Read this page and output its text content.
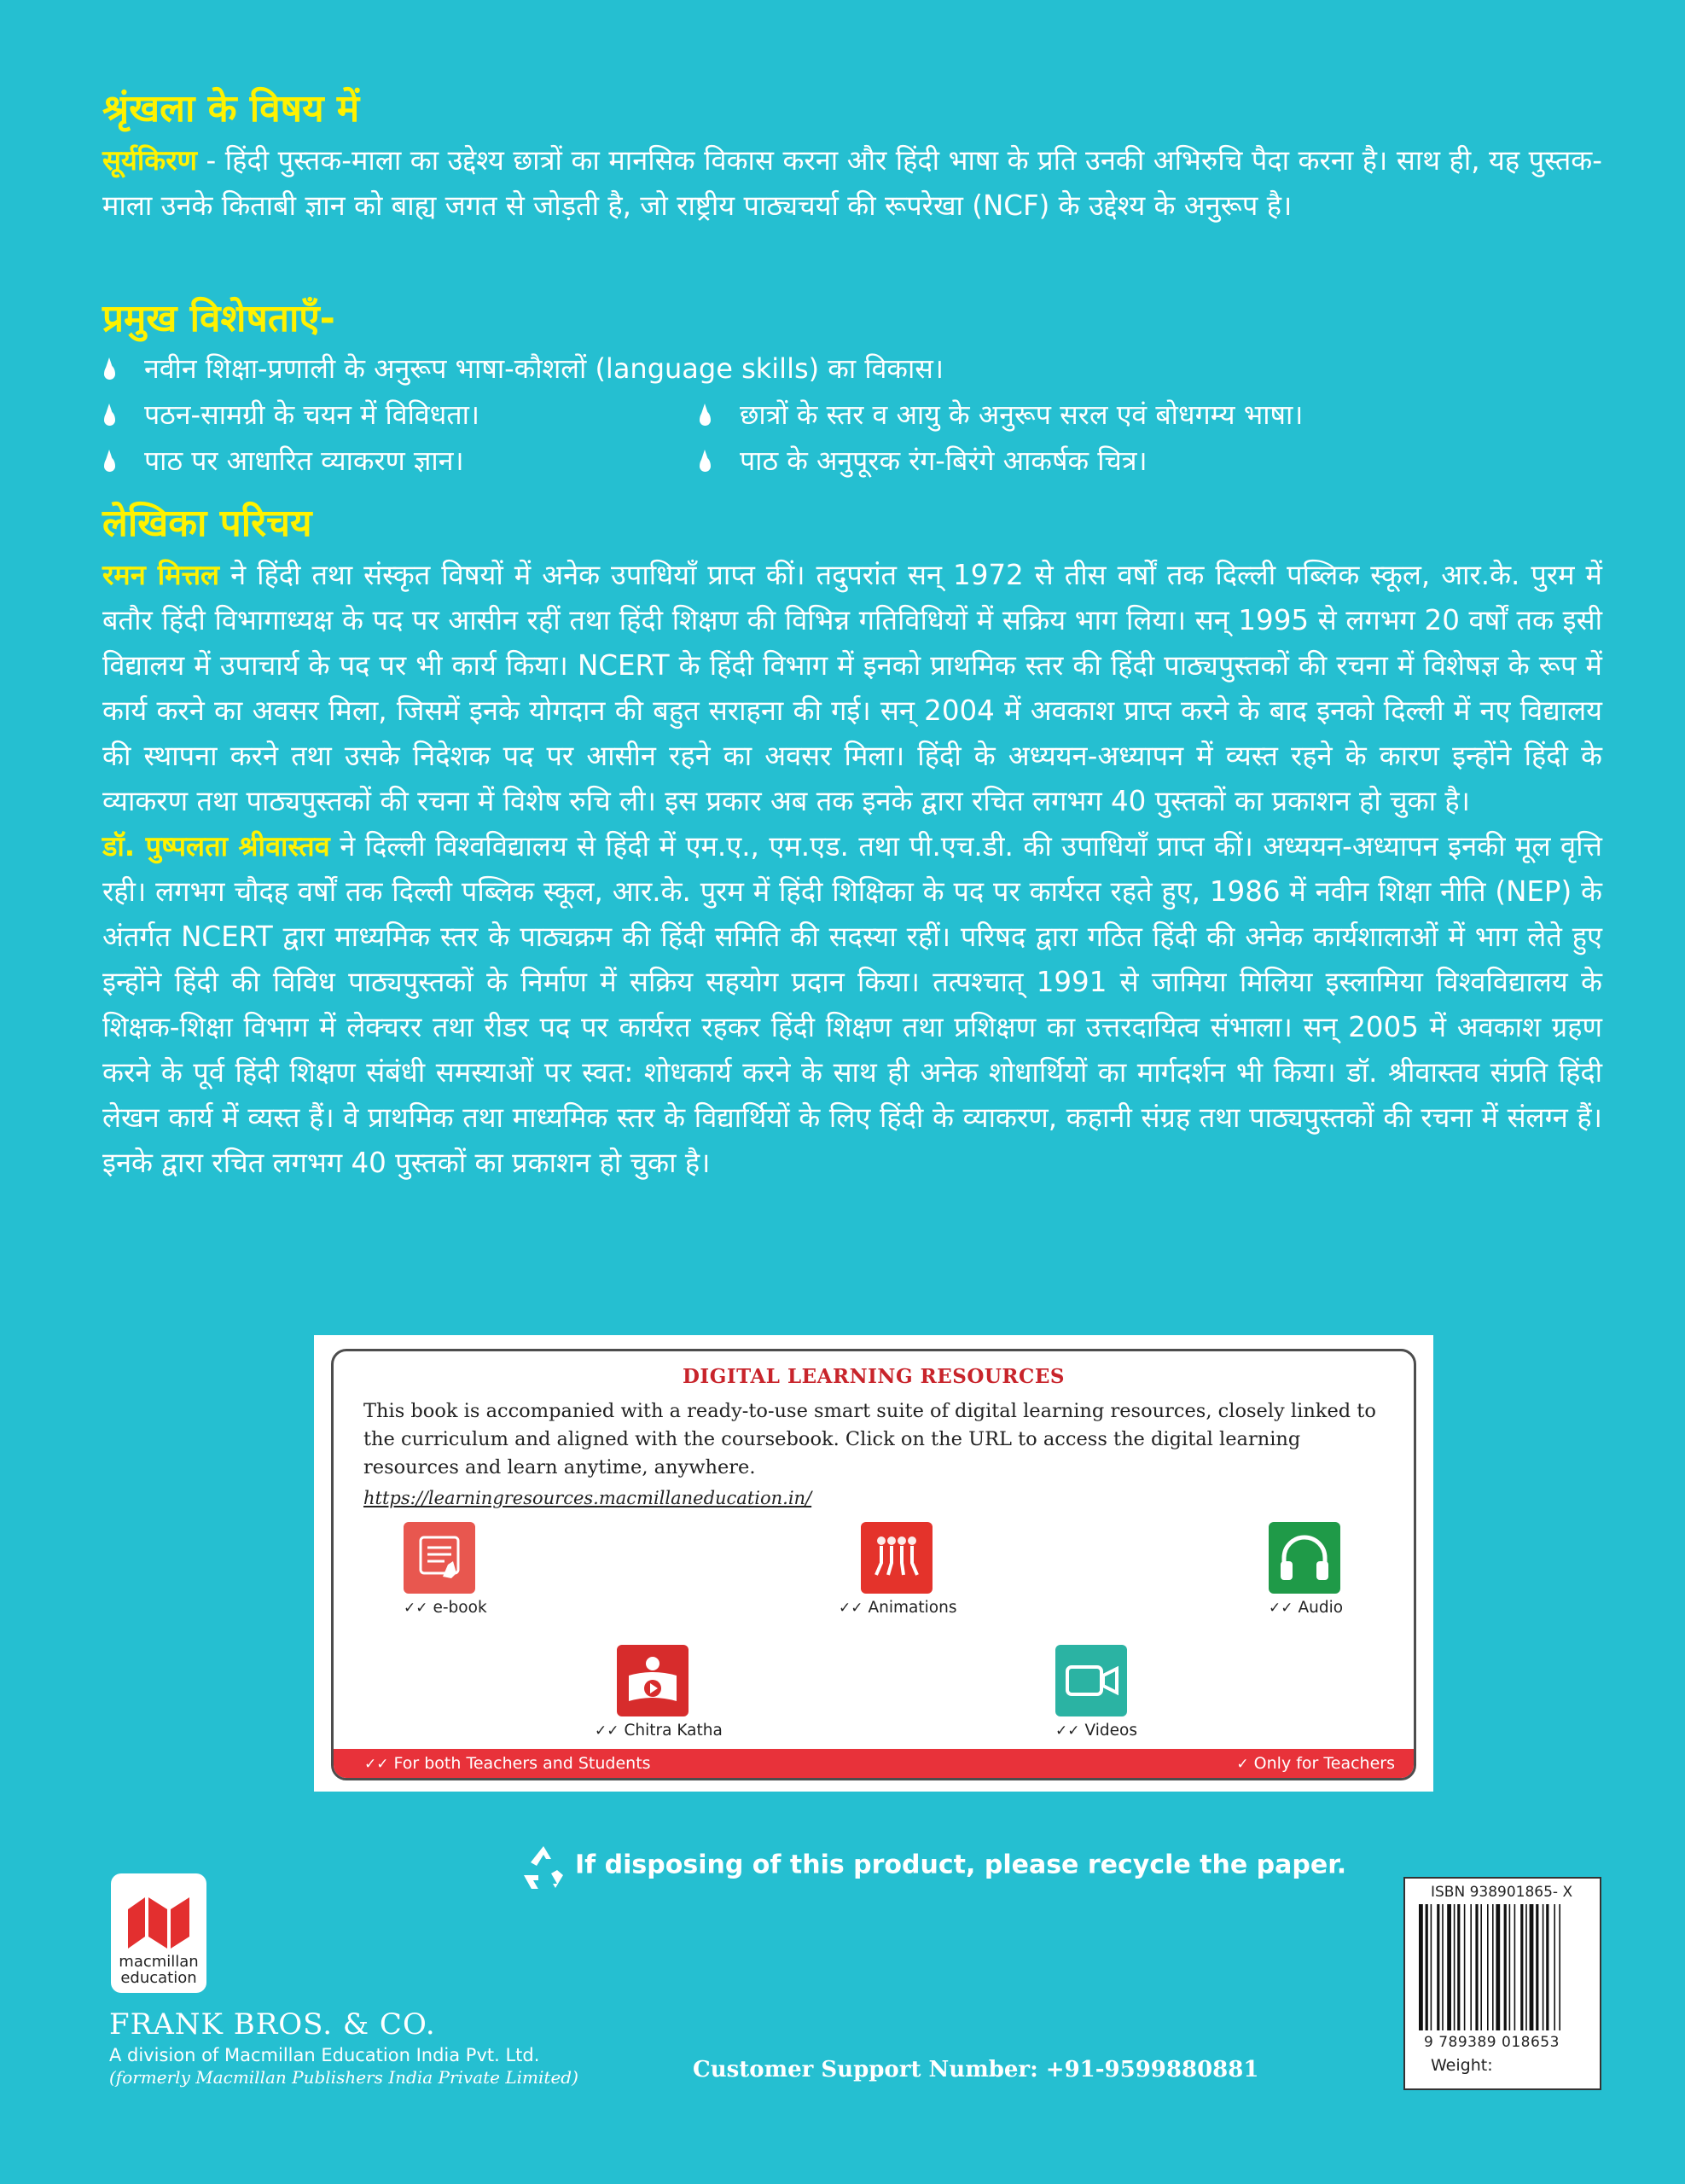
श्रृंखला के विषय में

सूर्यकिरण - हिंदी पुस्तक-माला का उद्देश्य छात्रों का मानसिक विकास करना और हिंदी भाषा के प्रति उनकी अभिरुचि पैदा करना है। साथ ही, यह पुस्तक-माला उनके किताबी ज्ञान को बाह्य जगत से जोड़ती है, जो राष्ट्रीय पाठ्यचर्या की रूपरेखा (NCF) के उद्देश्य के अनुरूप है।

प्रमुख विशेषताएँ-
नवीन शिक्षा-प्रणाली के अनुरूप भाषा-कौशलों (language skills) का विकास।
पठन-सामग्री के चयन में विविधता।	छात्रों के स्तर व आयु के अनुरूप सरल एवं बोधगम्य भाषा।
पाठ पर आधारित व्याकरण ज्ञान।	पाठ के अनुपूरक रंग-बिरंगे आकर्षक चित्र।
लेखिका परिचय

रमन मित्तल ने हिंदी तथा संस्कृत विषयों में अनेक उपाधियाँ प्राप्त कीं। तदुपरांत सन् 1972 से तीस वर्षों तक दिल्ली पब्लिक स्कूल, आर.के. पुरम में बतौर हिंदी विभागाध्यक्ष के पद पर आसीन रहीं तथा हिंदी शिक्षण की विभिन्न गतिविधियों में सक्रिय भाग लिया। सन् 1995 से लगभग 20 वर्षों तक इसी विद्यालय में उपाचार्य के पद पर भी कार्य किया। NCERT के हिंदी विभाग में इनको प्राथमिक स्तर की हिंदी पाठ्यपुस्तकों की रचना में विशेषज्ञ के रूप में कार्य करने का अवसर मिला, जिसमें इनके योगदान की बहुत सराहना की गई। सन् 2004 में अवकाश प्राप्त करने के बाद इनको दिल्ली में नए विद्यालय की स्थापना करने तथा उसके निदेशक पद पर आसीन रहने का अवसर मिला। हिंदी के अध्ययन-अध्यापन में व्यस्त रहने के कारण इन्होंने हिंदी के व्याकरण तथा पाठ्यपुस्तकों की रचना में विशेष रुचि ली। इस प्रकार अब तक इनके द्वारा रचित लगभग 40 पुस्तकों का प्रकाशन हो चुका है।

डॉ. पुष्पलता श्रीवास्तव ने दिल्ली विश्वविद्यालय से हिंदी में एम.ए., एम.एड. तथा पी.एच.डी. की उपाधियाँ प्राप्त कीं। अध्ययन-अध्यापन इनकी मूल वृत्ति रही। लगभग चौदह वर्षों तक दिल्ली पब्लिक स्कूल, आर.के. पुरम में हिंदी शिक्षिका के पद पर कार्यरत रहते हुए, 1986 में नवीन शिक्षा नीति (NEP) के अंतर्गत NCERT द्वारा माध्यमिक स्तर के पाठ्यक्रम की हिंदी समिति की सदस्या रहीं। परिषद द्वारा गठित हिंदी की अनेक कार्यशालाओं में भाग लेते हुए इन्होंने हिंदी की विविध पाठ्यपुस्तकों के निर्माण में सक्रिय सहयोग प्रदान किया। तत्पश्चात् 1991 से जामिया मिलिया इस्लामिया विश्वविद्यालय के शिक्षक-शिक्षा विभाग में लेक्चरर तथा रीडर पद पर कार्यरत रहकर हिंदी शिक्षण तथा प्रशिक्षण का उत्तरदायित्व संभाला। सन् 2005 में अवकाश ग्रहण करने के पूर्व हिंदी शिक्षण संबंधी समस्याओं पर स्वत: शोधकार्य करने के साथ ही अनेक शोधार्थियों का मार्गदर्शन भी किया। डॉ. श्रीवास्तव संप्रति हिंदी लेखन कार्य में व्यस्त हैं। वे प्राथमिक तथा माध्यमिक स्तर के विद्यार्थियों के लिए हिंदी के व्याकरण, कहानी संग्रह तथा पाठ्यपुस्तकों की रचना में संलग्न हैं। इनके द्वारा रचित लगभग 40 पुस्तकों का प्रकाशन हो चुका है।

DIGITAL LEARNING RESOURCES
This book is accompanied with a ready-to-use smart suite of digital learning resources, closely linked to the curriculum and aligned with the coursebook. Click on the URL to access the digital learning resources and learn anytime, anywhere.
https://learningresources.macmillaneducation.in/
✓✓ e-book	✓✓ Animations	✓✓ Audio
✓✓ Chitra Katha	✓✓ Videos
✓✓ For both Teachers and Students	✓ Only for Teachers
If disposing of this product, please recycle the paper.
macmillan
education
FRANK BROS. & CO.
A division of Macmillan Education India Pvt. Ltd.
(formerly Macmillan Publishers India Private Limited)	Customer Support Number: +91-9599880881
ISBN 938901865- X
9 789389 018653
Weight:
